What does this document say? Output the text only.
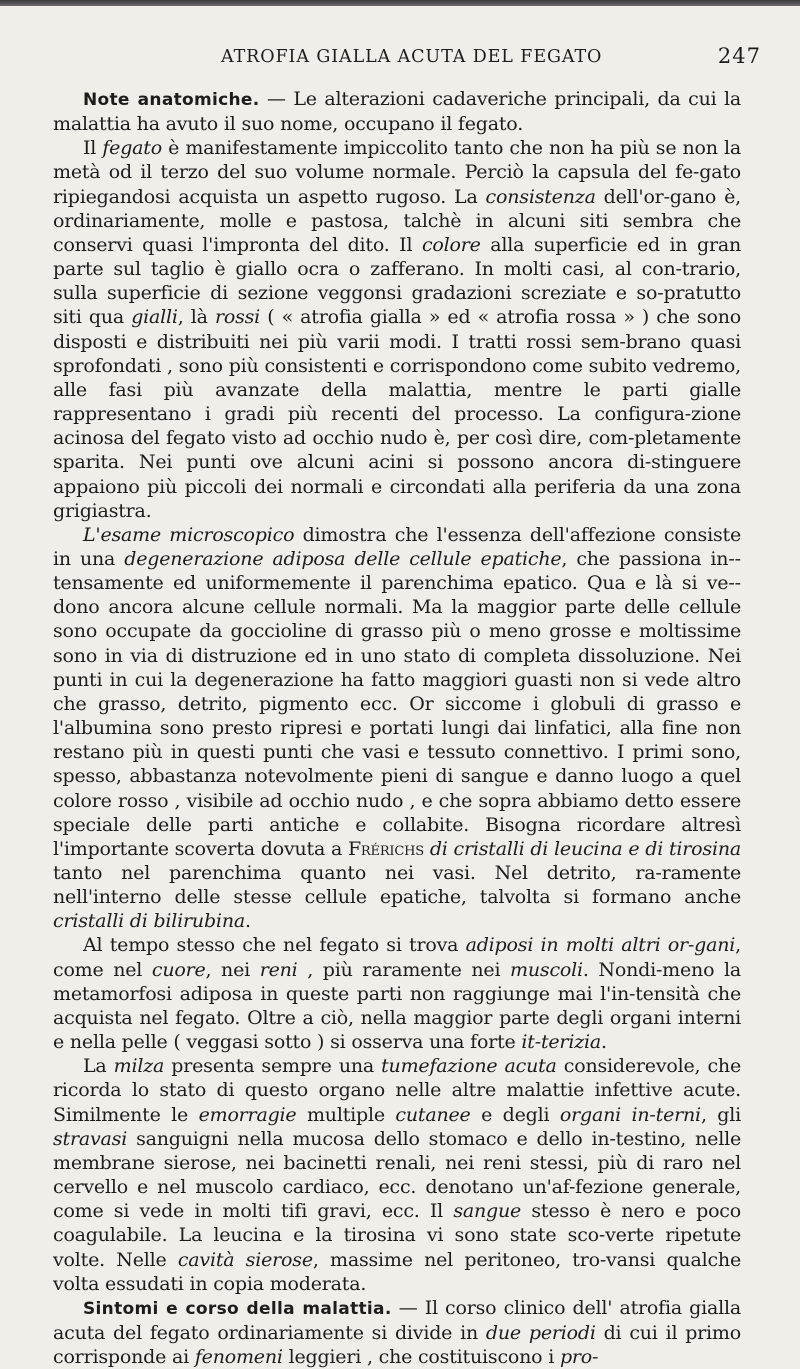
ATROFIA GIALLA ACUTA DEL FEGATO	247

Note anatomiche. — Le alterazioni cadaveriche principali, da cui la malattia ha avuto il suo nome, occupano il fegato.

Il fegato è manifestamente impiccolito tanto che non ha più se non la metà od il terzo del suo volume normale. Perciò la capsula del fe-gato ripiegandosi acquista un aspetto rugoso. La consistenza dell'or-gano è, ordinariamente, molle e pastosa, talchè in alcuni siti sembra che conservi quasi l'impronta del dito. Il colore alla superficie ed in gran parte sul taglio è giallo ocra o zafferano. In molti casi, al con-trario, sulla superficie di sezione veggonsi gradazioni screziate e so-pratutto siti qua gialli, là rossi ( « atrofia gialla » ed « atrofia rossa » ) che sono disposti e distribuiti nei più varii modi. I tratti rossi sem-brano quasi sprofondati , sono più consistenti e corrispondono come subito vedremo, alle fasi più avanzate della malattia, mentre le parti gialle rappresentano i gradi più recenti del processo. La configura-zione acinosa del fegato visto ad occhio nudo è, per così dire, com-pletamente sparita. Nei punti ove alcuni acini si possono ancora di-stinguere appaiono più piccoli dei normali e circondati alla periferia da una zona grigiastra.

L'esame microscopico dimostra che l'essenza dell'affezione consiste in una degenerazione adiposa delle cellule epatiche, che passiona in-tensamente ed uniformemente il parenchima epatico. Qua e là si ve-dono ancora alcune cellule normali. Ma la maggior parte delle cellule sono occupate da goccioline di grasso più o meno grosse e moltissime sono in via di distruzione ed in uno stato di completa dissoluzione. Nei punti in cui la degenerazione ha fatto maggiori guasti non si vede altro che grasso, detrito, pigmento ecc. Or siccome i globuli di grasso e l'albumina sono presto ripresi e portati lungi dai linfatici, alla fine non restano più in questi punti che vasi e tessuto connettivo. I primi sono, spesso, abbastanza notevolmente pieni di sangue e danno luogo a quel colore rosso , visibile ad occhio nudo , e che sopra abbiamo detto essere speciale delle parti antiche e collabite. Bisogna ricordare altresì l'importante scoverta dovuta a Frérichs di cristalli di leucina e di tirosina tanto nel parenchima quanto nei vasi. Nel detrito, ra-ramente nell'interno delle stesse cellule epatiche, talvolta si formano anche cristalli di bilirubina.

Al tempo stesso che nel fegato si trova adiposi in molti altri or-gani, come nel cuore, nei reni , più raramente nei muscoli. Nondi-meno la metamorfosi adiposa in queste parti non raggiunge mai l'in-tensità che acquista nel fegato. Oltre a ciò, nella maggior parte degli organi interni e nella pelle ( veggasi sotto ) si osserva una forte it-terizia.

La milza presenta sempre una tumefazione acuta considerevole, che ricorda lo stato di questo organo nelle altre malattie infettive acute. Similmente le emorragie multiple cutanee e degli organi in-terni, gli stravasi sanguigni nella mucosa dello stomaco e dello in-testino, nelle membrane sierose, nei bacinetti renali, nei reni stessi, più di raro nel cervello e nel muscolo cardiaco, ecc. denotano un'af-fezione generale, come si vede in molti tifi gravi, ecc. Il sangue stesso è nero e poco coagulabile. La leucina e la tirosina vi sono state sco-verte ripetute volte. Nelle cavità sierose, massime nel peritoneo, tro-vansi qualche volta essudati in copia moderata.

Sintomi e corso della malattia. — Il corso clinico dell' atrofia gialla acuta del fegato ordinariamente si divide in due periodi di cui il primo corrisponde ai fenomeni leggieri , che costituiscono i pro-
